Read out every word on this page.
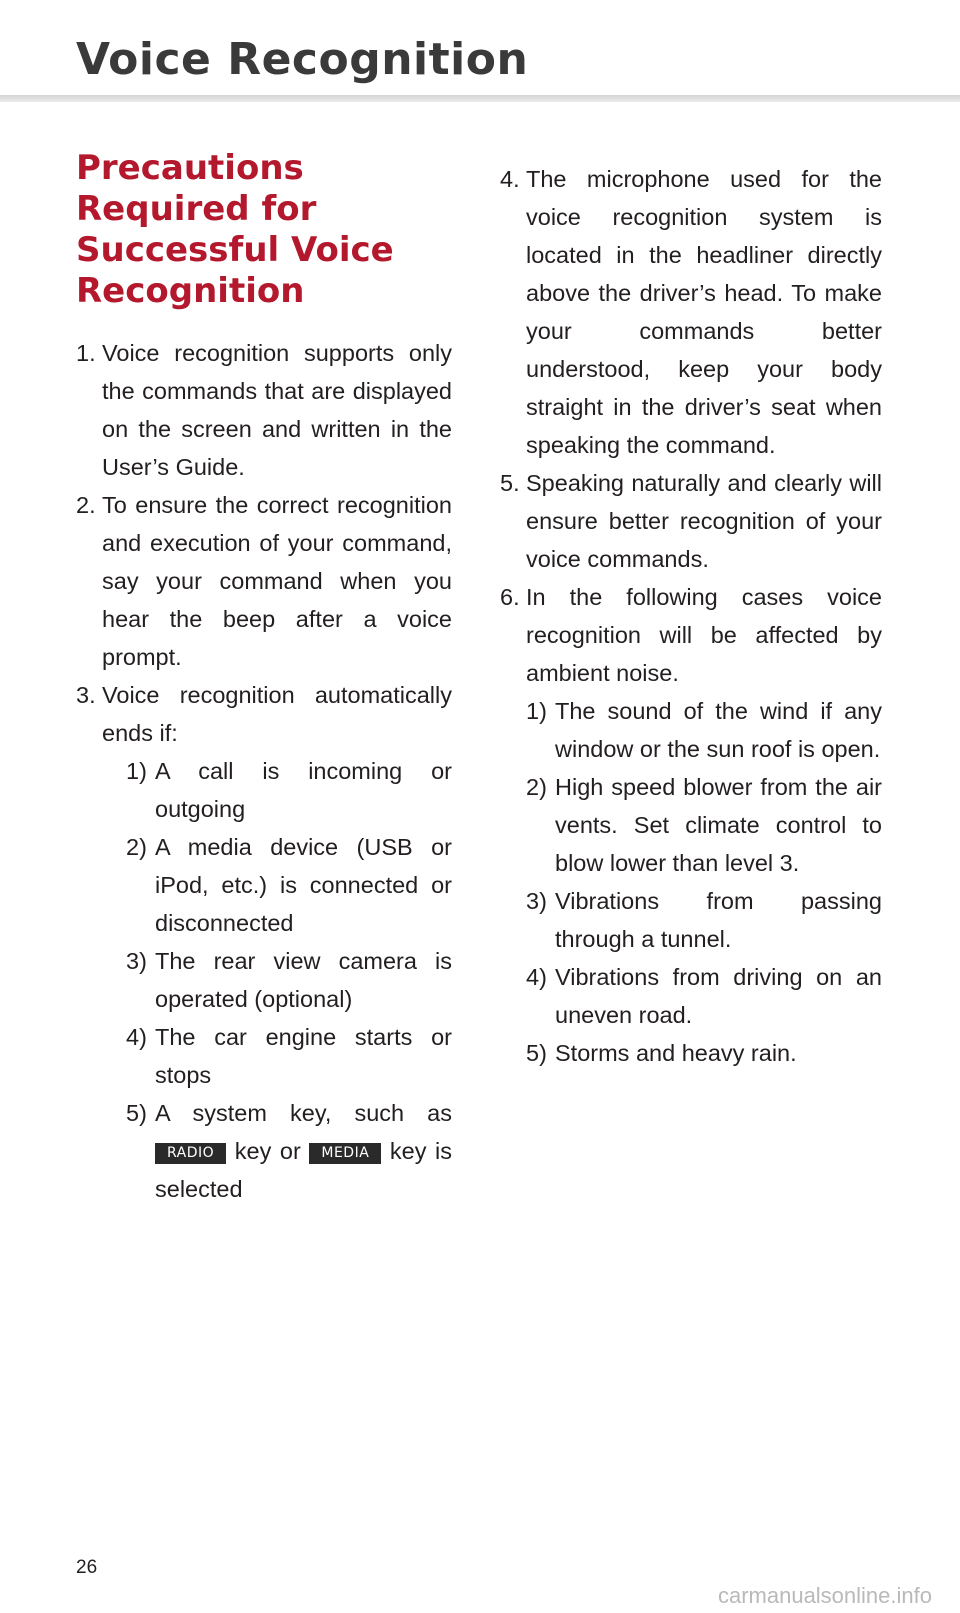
Voice Recognition
Precautions Required for Successful Voice Recognition
1. Voice recognition supports only the commands that are displayed on the screen and written in the User’s Guide.
2. To ensure the correct recognition and execution of your command, say your command when you hear the beep after a voice prompt.
3. Voice recognition automatically ends if:
1) A call is incoming or outgoing
2) A media device (USB or iPod, etc.) is connected or disconnected
3) The rear view camera is operated (optional)
4) The car engine starts or stops
5) A system key, such as RADIO key or MEDIA key is selected
4. The microphone used for the voice recognition system is located in the headliner directly above the driver’s head. To make your commands better understood, keep your body straight in the driver’s seat when speaking the command.
5. Speaking naturally and clearly will ensure better recognition of your voice commands.
6. In the following cases voice recognition will be affected by ambient noise.
1) The sound of the wind if any window or the sun roof is open.
2) High speed blower from the air vents. Set climate control to blow lower than level 3.
3) Vibrations from passing through a tunnel.
4) Vibrations from driving on an uneven road.
5) Storms and heavy rain.
26
carmanualsonline.info
